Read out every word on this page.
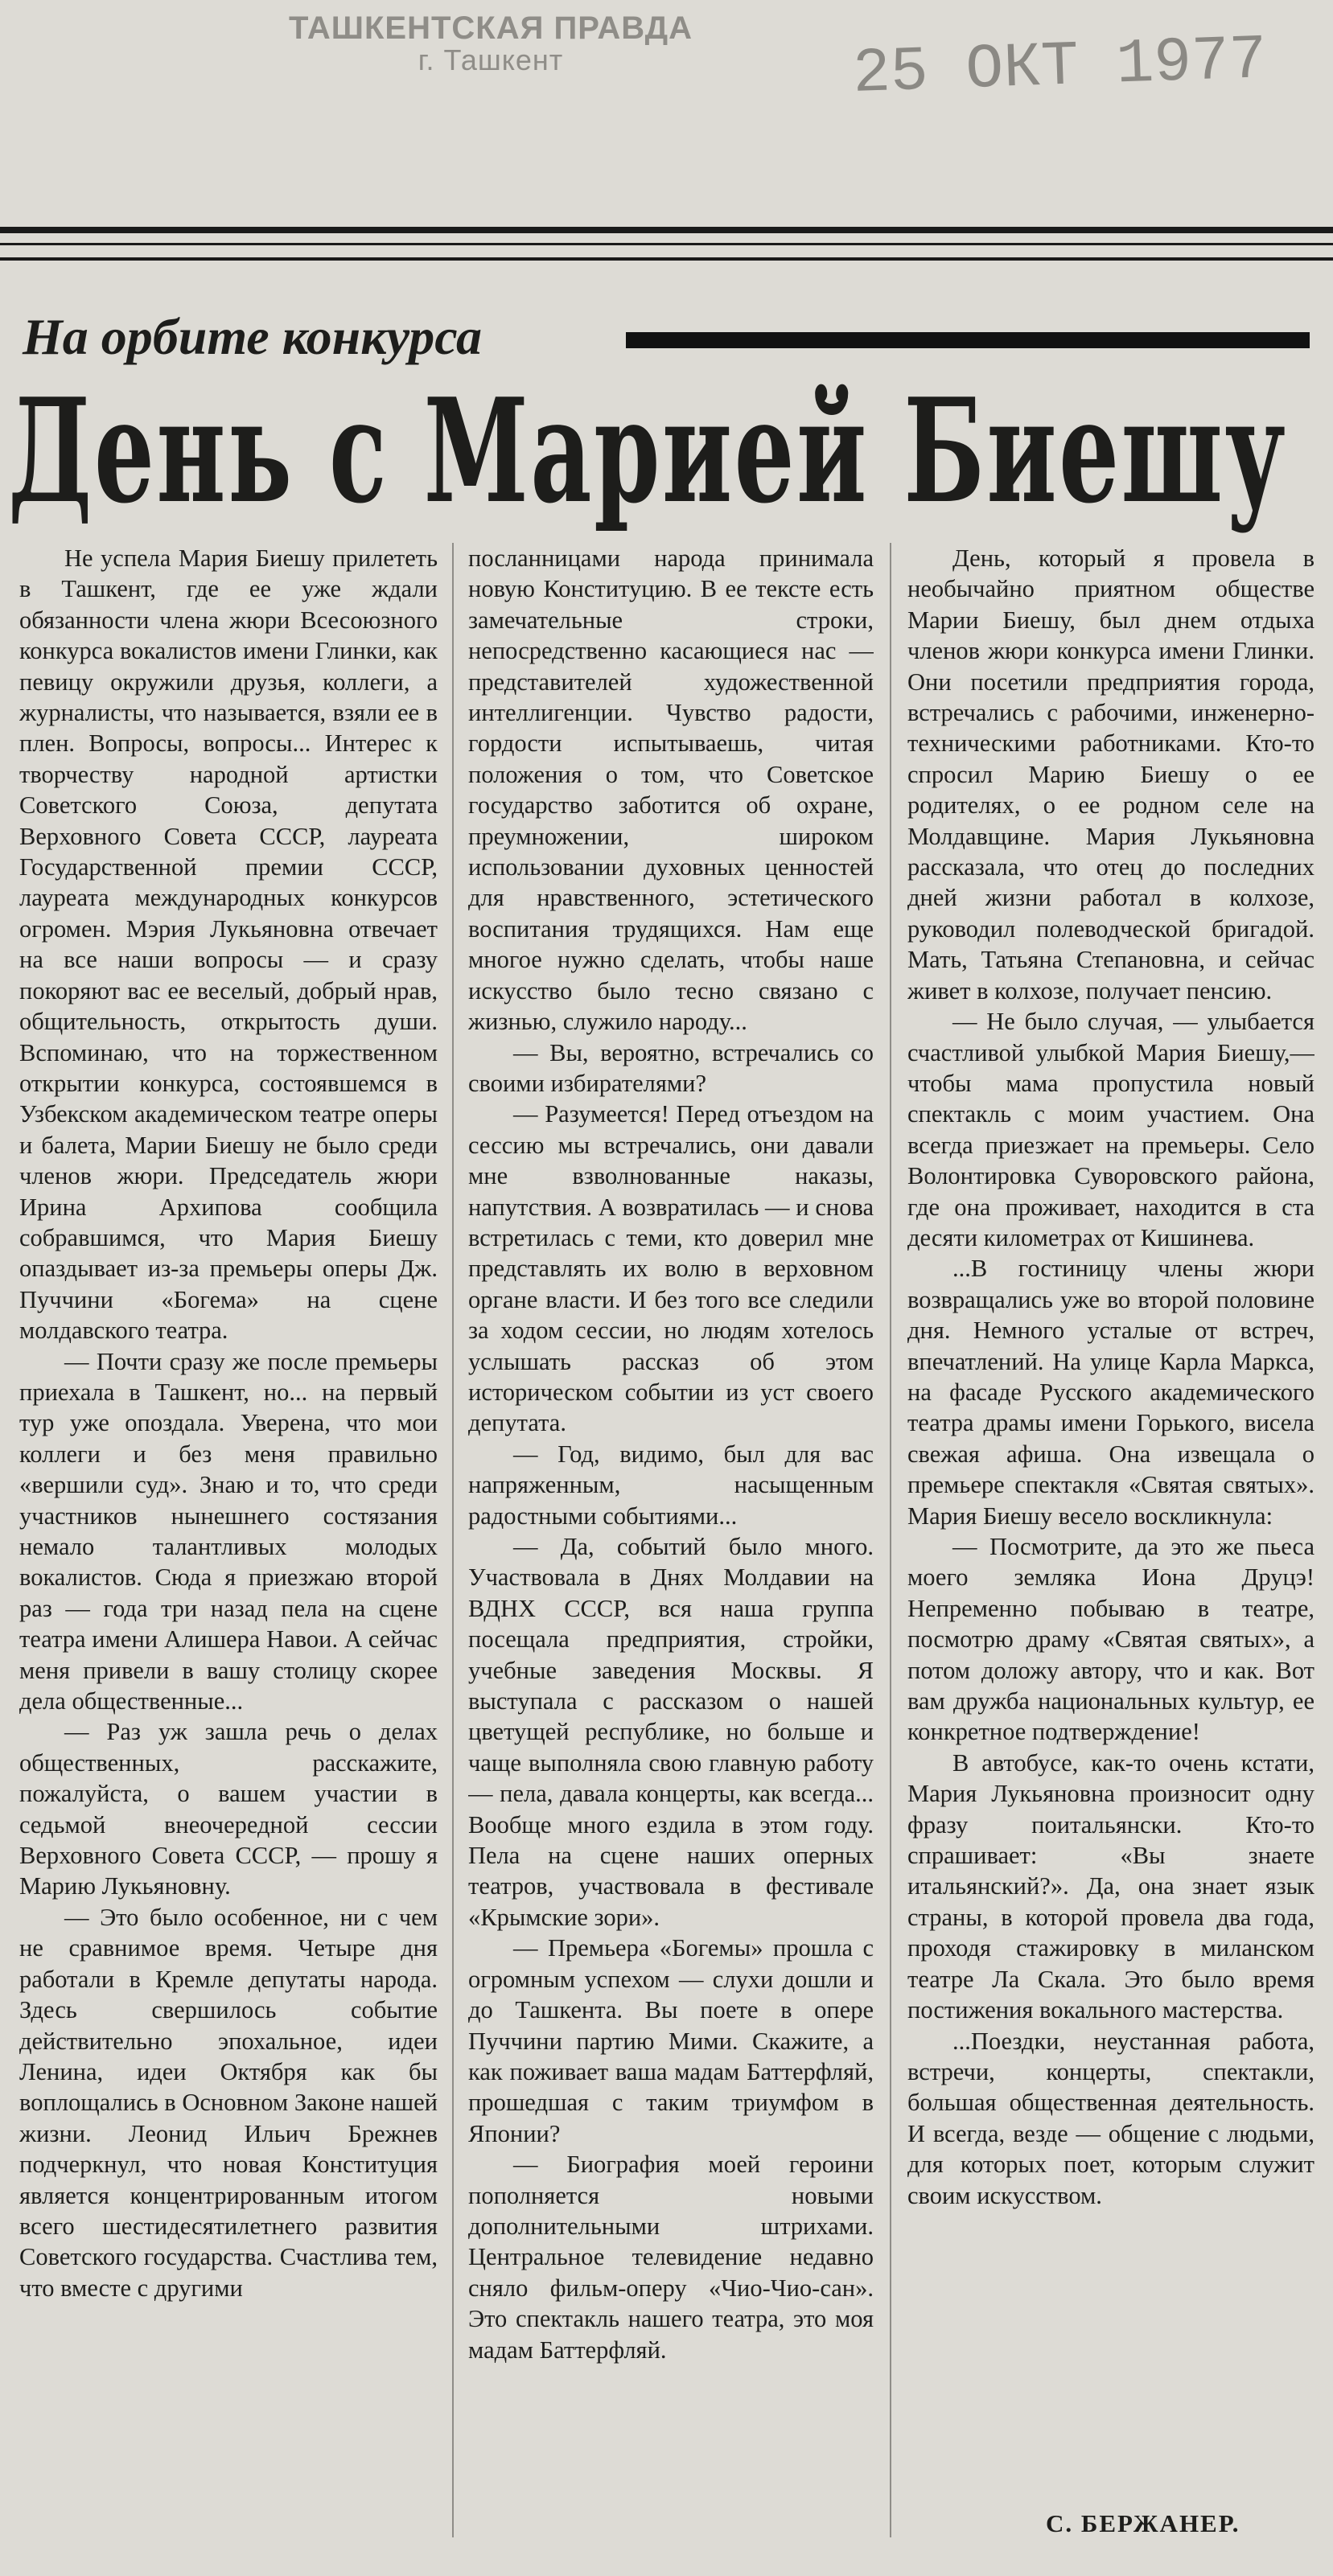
ТАШКЕНТСКАЯ ПРАВДА
г. Ташкент	25 ОКТ 1977
На орбите конкурса
День с Марией Биешу

Не успела Мария Биешу прилететь в Ташкент, где ее уже ждали обязанности члена жюри Всесоюзного конкурса вокалистов имени Глинки, как певицу окружили друзья, коллеги, а журналисты, что называется, взяли ее в плен. Вопросы, вопросы... Интерес к творчеству народной артистки Советского Союза, депутата Верховного Совета СССР, лауреата Государственной премии СССР, лауреата международных конкурсов огромен. Мэрия Лукьяновна отвечает на все наши вопросы — и сразу покоряют вас ее веселый, добрый нрав, общительность, открытость души. Вспоминаю, что на торжественном открытии конкурса, состоявшемся в Узбекском академическом театре оперы и балета, Марии Биешу не было среди членов жюри. Председатель жюри Ирина Архипова сообщила собравшимся, что Мария Биешу опаздывает из-за премьеры оперы Дж. Пуччини «Богема» на сцене молдавского театра.

— Почти сразу же после премьеры приехала в Ташкент, но... на первый тур уже опоздала. Уверена, что мои коллеги и без меня правильно «вершили суд». Знаю и то, что среди участников нынешнего состязания немало талантливых молодых вокалистов. Сюда я приезжаю второй раз — года три назад пела на сцене театра имени Алишера Навои. А сейчас меня привели в вашу столицу скорее дела общественные...

— Раз уж зашла речь о делах общественных, расскажите, пожалуйста, о вашем участии в седьмой внеочередной сессии Верховного Совета СССР, — прошу я Марию Лукьяновну.

— Это было особенное, ни с чем не сравнимое время. Четыре дня работали в Кремле депутаты народа. Здесь свершилось событие действительно эпохальное, идеи Ленина, идеи Октября как бы воплощались в Основном Законе нашей жизни. Леонид Ильич Брежнев подчеркнул, что новая Конституция является концентрированным итогом всего шестидесятилетнего развития Советского государства. Счастлива тем, что вместе с другими

посланницами народа принимала новую Конституцию. В ее тексте есть замечательные строки, непосредственно касающиеся нас — представителей художественной интеллигенции. Чувство радости, гордости испытываешь, читая положения о том, что Советское государство заботится об охране, преумножении, широком использовании духовных ценностей для нравственного, эстетического воспитания трудящихся. Нам еще многое нужно сделать, чтобы наше искусство было тесно связано с жизнью, служило народу...

— Вы, вероятно, встречались со своими избирателями?

— Разумеется! Перед отъездом на сессию мы встречались, они давали мне взволнованные наказы, напутствия. А возвратилась — и снова встретилась с теми, кто доверил мне представлять их волю в верховном органе власти. И без того все следили за ходом сессии, но людям хотелось услышать рассказ об этом историческом событии из уст своего депутата.

— Год, видимо, был для вас напряженным, насыщенным радостными событиями...

— Да, событий было много. Участвовала в Днях Молдавии на ВДНХ СССР, вся наша группа посещала предприятия, стройки, учебные заведения Москвы. Я выступала с рассказом о нашей цветущей республике, но больше и чаще выполняла свою главную работу — пела, давала концерты, как всегда... Вообще много ездила в этом году. Пела на сцене наших оперных театров, участвовала в фестивале «Крымские зори».

— Премьера «Богемы» прошла с огромным успехом — слухи дошли и до Ташкента. Вы поете в опере Пуччини партию Мими. Скажите, а как поживает ваша мадам Баттерфляй, прошедшая с таким триумфом в Японии?

— Биография моей героини пополняется новыми дополнительными штрихами. Центральное телевидение недавно сняло фильм-оперу «Чио-Чио-сан». Это спектакль нашего театра, это моя мадам Баттерфляй.

День, который я провела в необычайно приятном обществе Марии Биешу, был днем отдыха членов жюри конкурса имени Глинки. Они посетили предприятия города, встречались с рабочими, инженерно-техническими работниками. Кто-то спросил Марию Биешу о ее родителях, о ее родном селе на Молдавщине. Мария Лукьяновна рассказала, что отец до последних дней жизни работал в колхозе, руководил полеводческой бригадой. Мать, Татьяна Степановна, и сейчас живет в колхозе, получает пенсию.

— Не было случая, — улыбается счастливой улыбкой Мария Биешу,— чтобы мама пропустила новый спектакль с моим участием. Она всегда приезжает на премьеры. Село Волонтировка Суворовского района, где она проживает, находится в ста десяти километрах от Кишинева.

...В гостиницу члены жюри возвращались уже во второй половине дня. Немного усталые от встреч, впечатлений. На улице Карла Маркса, на фасаде Русского академического театра драмы имени Горького, висела свежая афиша. Она извещала о премьере спектакля «Святая святых». Мария Биешу весело воскликнула:

— Посмотрите, да это же пьеса моего земляка Иона Друцэ! Непременно побываю в театре, посмотрю драму «Святая святых», а потом доложу автору, что и как. Вот вам дружба национальных культур, ее конкретное подтверждение!

В автобусе, как-то очень кстати, Мария Лукьяновна произносит одну фразу поитальянски. Кто-то спрашивает: «Вы знаете итальянский?». Да, она знает язык страны, в которой провела два года, проходя стажировку в миланском театре Ла Скала. Это было время постижения вокального мастерства.

...Поездки, неустанная работа, встречи, концерты, спектакли, большая общественная деятельность. И всегда, везде — общение с людьми, для которых поет, которым служит своим искусством.

С. БЕРЖАНЕР.
